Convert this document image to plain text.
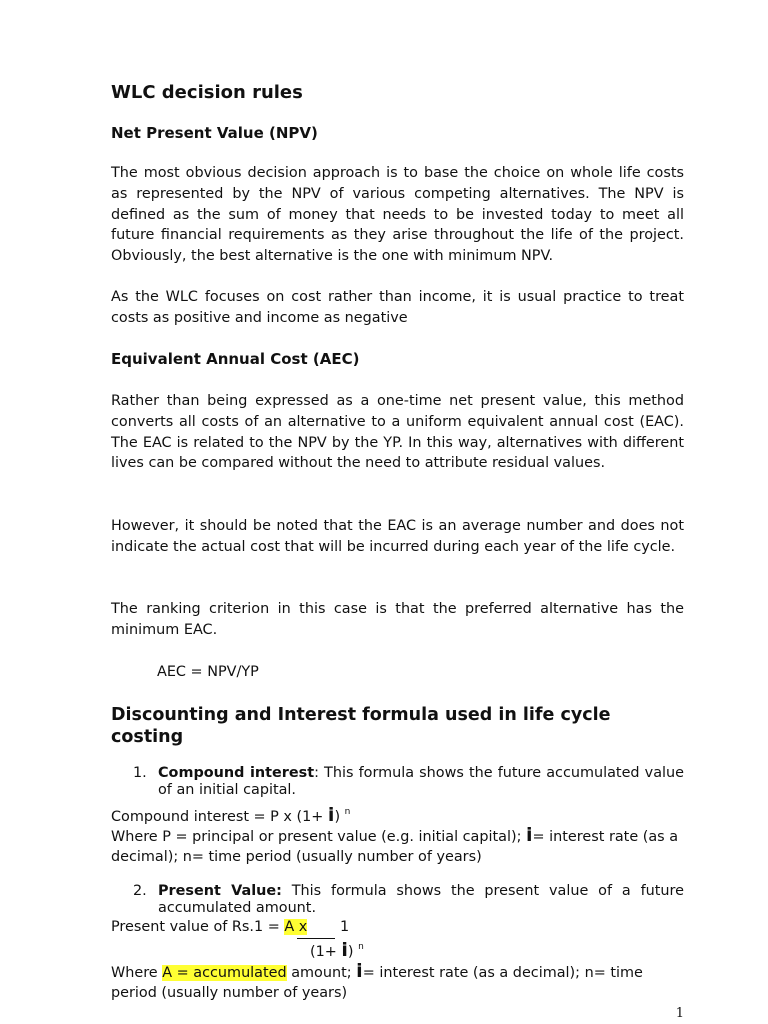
WLC decision rules
Net Present Value (NPV)

The most obvious decision approach is to base the choice on whole life costs as represented by the NPV of various competing alternatives. The NPV is defined as the sum of money that needs to be invested today to meet all future financial requirements as they arise throughout the life of the project. Obviously, the best alternative is the one with minimum NPV.

As the WLC focuses on cost rather than income, it is usual practice to treat costs as positive and income as negative

Equivalent Annual Cost (AEC)

Rather than being expressed as a one-time net present value, this method converts all costs of an alternative to a uniform equivalent annual cost (EAC). The EAC is related to the NPV by the YP. In this way, alternatives with different lives can be compared without the need to attribute residual values.

However, it should be noted that the EAC is an average number and does not indicate the actual cost that will be incurred during each year of the life cycle.

The ranking criterion in this case is that the preferred alternative has the minimum EAC.

AEC = NPV/YP

Discounting and Interest formula used in life cycle costing
1. Compound interest: This formula shows the future accumulated value of an initial capital.

Compound interest = P x (1+ i) $^n$

Where P = principal or present value (e.g. initial capital); i= interest rate (as a decimal); n= time period (usually number of years)

2. Present Value: This formula shows the present value of a future accumulated amount.

Present value of Rs.1 = A x 1
(1+ i) $^n$

Where A = accumulated amount; i= interest rate (as a decimal); n= time period (usually number of years)

1
